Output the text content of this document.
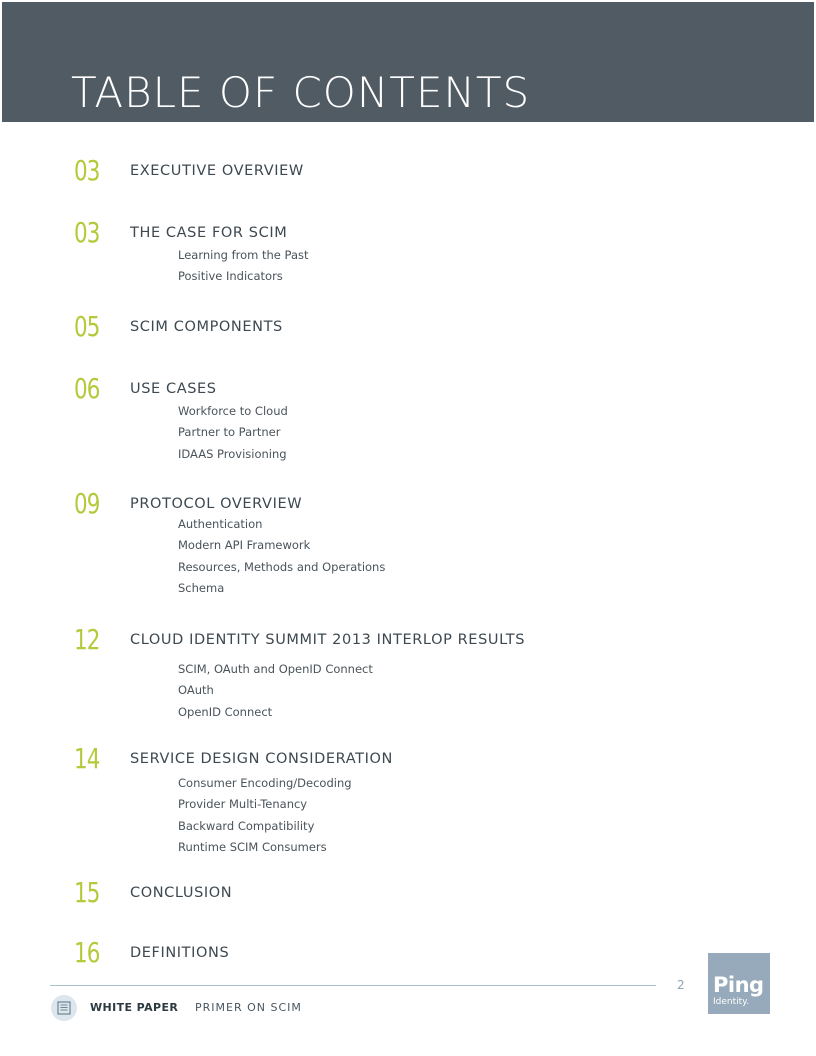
TABLE OF CONTENTS
03 EXECUTIVE OVERVIEW
03 THE CASE FOR SCIM
Learning from the Past
Positive Indicators
05 SCIM COMPONENTS
06 USE CASES
Workforce to Cloud
Partner to Partner
IDAAS Provisioning
09 PROTOCOL OVERVIEW
Authentication
Modern API Framework
Resources, Methods and Operations
Schema
12 CLOUD IDENTITY SUMMIT 2013 INTERLOP RESULTS
SCIM, OAuth and OpenID Connect
OAuth
OpenID Connect
14 SERVICE DESIGN CONSIDERATION
Consumer Encoding/Decoding
Provider Multi-Tenancy
Backward Compatibility
Runtime SCIM Consumers
15 CONCLUSION
16 DEFINITIONS
2
WHITE PAPER PRIMER ON SCIM
Ping
Identity.
